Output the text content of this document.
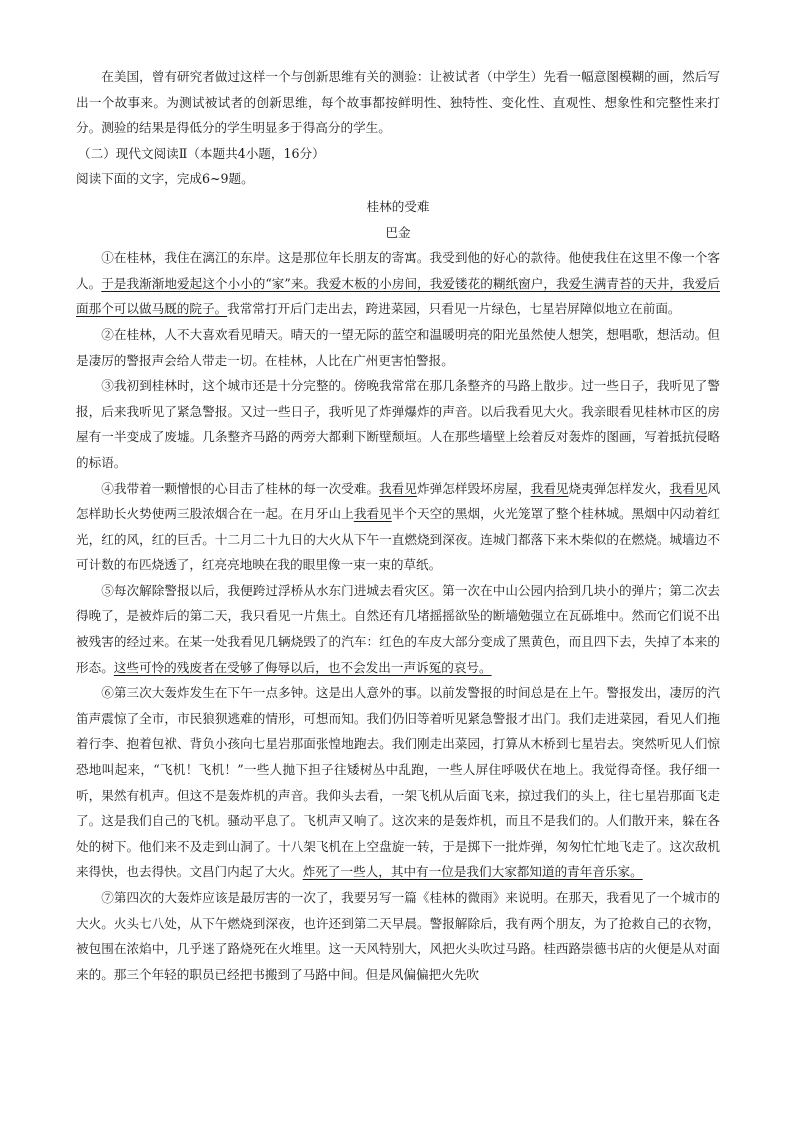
在美国，曾有研究者做过这样一个与创新思维有关的测验：让被试者（中学生）先看一幅意图模糊的画，然后写出一个故事来。为测试被试者的创新思维，每个故事都按鲜明性、独特性、变化性、直观性、想象性和完整性来打分。测验的结果是得低分的学生明显多于得高分的学生。

（二）现代文阅读Ⅱ（本题共4小题，16分）

阅读下面的文字，完成6~9题。

桂林的受难

巴金

①在桂林，我住在漓江的东岸。这是那位年长朋友的寄寓。我受到他的好心的款待。他使我住在这里不像一个客人。于是我渐渐地爱起这个小小的“家”来。我爱木板的小房间，我爱镂花的糊纸窗户，我爱生满青苔的天井，我爱后面那个可以做马厩的院子。我常常打开后门走出去，跨进菜园，只看见一片绿色，七星岩屏障似地立在前面。

②在桂林，人不大喜欢看见晴天。晴天的一望无际的蓝空和温暖明亮的阳光虽然使人想笑，想唱歌，想活动。但是凄厉的警报声会给人带走一切。在桂林，人比在广州更害怕警报。

③我初到桂林时，这个城市还是十分完整的。傍晚我常常在那几条整齐的马路上散步。过一些日子，我听见了警报，后来我听见了紧急警报。又过一些日子，我听见了炸弹爆炸的声音。以后我看见大火。我亲眼看见桂林市区的房屋有一半变成了废墟。几条整齐马路的两旁大都剩下断壁颓垣。人在那些墙壁上绘着反对轰炸的图画，写着抵抗侵略的标语。

④我带着一颗憎恨的心目击了桂林的每一次受难。我看见炸弹怎样毁坏房屋，我看见烧夷弹怎样发火，我看见风怎样助长火势使两三股浓烟合在一起。在月牙山上我看见半个天空的黑烟，火光笼罩了整个桂林城。黑烟中闪动着红光，红的风，红的巨舌。十二月二十九日的大火从下午一直燃烧到深夜。连城门都落下来木柴似的在燃烧。城墙边不可计数的布匹烧透了，红亮亮地映在我的眼里像一束一束的草纸。

⑤每次解除警报以后，我便跨过浮桥从水东门进城去看灾区。第一次在中山公园内拾到几块小的弹片；第二次去得晚了，是被炸后的第二天，我只看见一片焦土。自然还有几堵摇摇欲坠的断墙勉强立在瓦砾堆中。然而它们说不出被残害的经过来。在某一处我看见几辆烧毁了的汽车：红色的车皮大部分变成了黑黄色，而且四下去，失掉了本来的形态。这些可怜的残废者在受够了侮辱以后，也不会发出一声诉冤的哀号。

⑥第三次大轰炸发生在下午一点多钟。这是出人意外的事。以前发警报的时间总是在上午。警报发出，凄厉的汽笛声震惊了全市，市民狼狈逃难的情形，可想而知。我们仍旧等着听见紧急警报才出门。我们走进菜园，看见人们拖着行李、抱着包袱、背负小孩向七星岩那面张惶地跑去。我们刚走出菜园，打算从木桥到七星岩去。突然听见人们惊恐地叫起来，“飞机！飞机！”一些人抛下担子往矮树丛中乱跑，一些人屏住呼吸伏在地上。我觉得奇怪。我仔细一听，果然有机声。但这不是轰炸机的声音。我仰头去看，一架飞机从后面飞来，掠过我们的头上，往七星岩那面飞走了。这是我们自己的飞机。骚动平息了。飞机声又响了。这次来的是轰炸机，而且不是我们的。人们散开来，躲在各处的树下。他们来不及走到山洞了。十八架飞机在上空盘旋一转，于是掷下一批炸弹，匆匆忙忙地飞走了。这次敌机来得快，也去得快。文昌门内起了大火。炸死了一些人，其中有一位是我们大家都知道的青年音乐家。

⑦第四次的大轰炸应该是最厉害的一次了，我要另写一篇《桂林的微雨》来说明。在那天，我看见了一个城市的大火。火头七八处，从下午燃烧到深夜，也许还到第二天早晨。警报解除后，我有两个朋友，为了抢救自己的衣物，被包围在浓焰中，几乎迷了路烧死在火堆里。这一天风特别大，风把火头吹过马路。桂西路崇德书店的火便是从对面来的。那三个年轻的职员已经把书搬到了马路中间。但是风偏偏把火先吹
